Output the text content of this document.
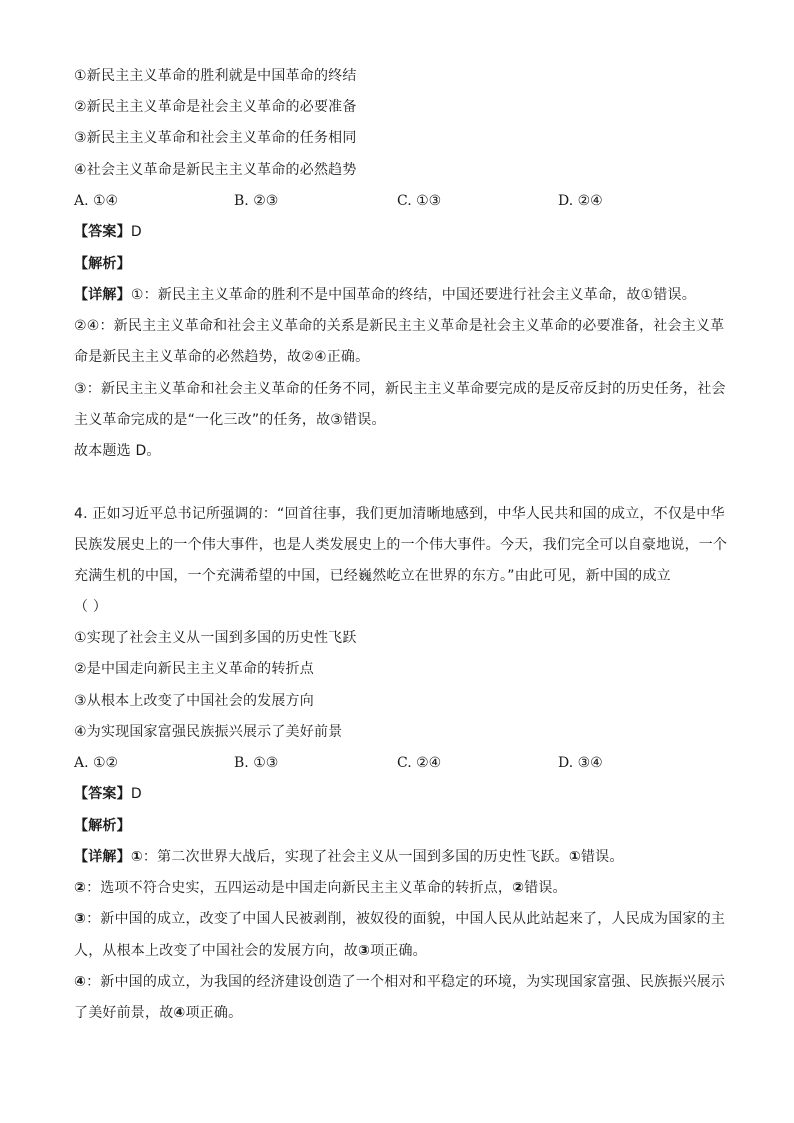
①新民主主义革命的胜利就是中国革命的终结
②新民主主义革命是社会主义革命的必要准备
③新民主主义革命和社会主义革命的任务相同
④社会主义革命是新民主主义革命的必然趋势
A. ①④	B. ②③	C. ①③	D. ②④
【答案】D
【解析】
【详解】①：新民主主义革命的胜利不是中国革命的终结，中国还要进行社会主义革命，故①错误。
②④：新民主主义革命和社会主义革命的关系是新民主主义革命是社会主义革命的必要准备，社会主义革
命是新民主主义革命的必然趋势，故②④正确。
③：新民主主义革命和社会主义革命的任务不同，新民主主义革命要完成的是反帝反封的历史任务，社会
主义革命完成的是“一化三改”的任务，故③错误。
故本题选 D。
4. 正如习近平总书记所强调的：“回首往事，我们更加清晰地感到，中华人民共和国的成立，不仅是中华
民族发展史上的一个伟大事件，也是人类发展史上的一个伟大事件。今天，我们完全可以自豪地说，一个
充满生机的中国，一个充满希望的中国，已经巍然屹立在世界的东方。”由此可见，新中国的成立
（ ）
①实现了社会主义从一国到多国的历史性飞跃
②是中国走向新民主主义革命的转折点
③从根本上改变了中国社会的发展方向
④为实现国家富强民族振兴展示了美好前景
A. ①②	B. ①③	C. ②④	D. ③④
【答案】D
【解析】
【详解】①：第二次世界大战后，实现了社会主义从一国到多国的历史性飞跃。①错误。
②：选项不符合史实，五四运动是中国走向新民主主义革命的转折点，②错误。
③：新中国的成立，改变了中国人民被剥削，被奴役的面貌，中国人民从此站起来了，人民成为国家的主
人，从根本上改变了中国社会的发展方向，故③项正确。
④：新中国的成立，为我国的经济建设创造了一个相对和平稳定的环境，为实现国家富强、民族振兴展示
了美好前景，故④项正确。
